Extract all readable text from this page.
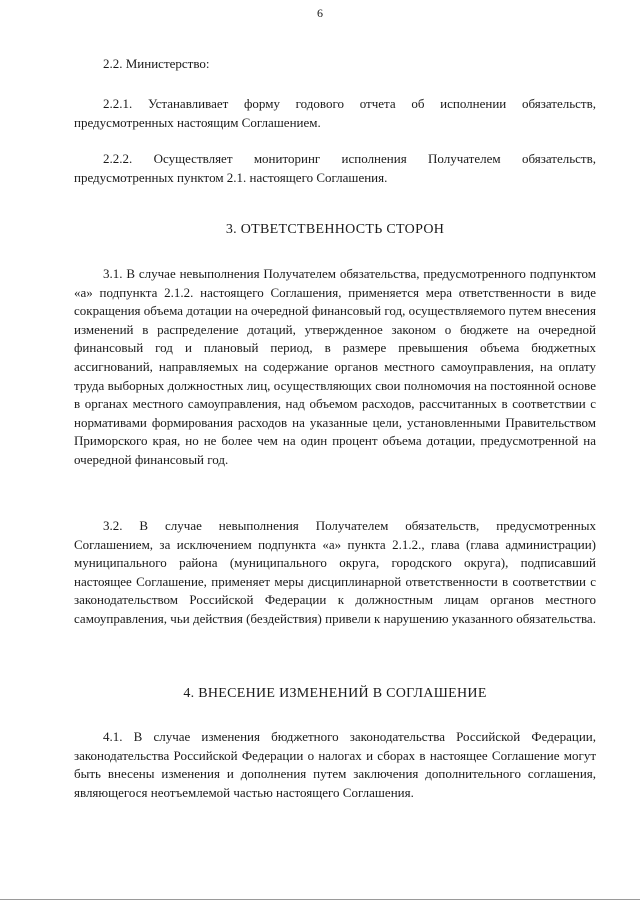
6
2.2. Министерство:
2.2.1. Устанавливает форму годового отчета об исполнении обязательств, предусмотренных настоящим Соглашением.
2.2.2. Осуществляет мониторинг исполнения Получателем обязательств, предусмотренных пунктом 2.1. настоящего Соглашения.
3. ОТВЕТСТВЕННОСТЬ СТОРОН
3.1. В случае невыполнения Получателем обязательства, предусмотренного подпунктом «а» подпункта 2.1.2. настоящего Соглашения, применяется мера ответственности в виде сокращения объема дотации на очередной финансовый год, осуществляемого путем внесения изменений в распределение дотаций, утвержденное законом о бюджете на очередной финансовый год и плановый период, в размере превышения объема бюджетных ассигнований, направляемых на содержание органов местного самоуправления, на оплату труда выборных должностных лиц, осуществляющих свои полномочия на постоянной основе в органах местного самоуправления, над объемом расходов, рассчитанных в соответствии с нормативами формирования расходов на указанные цели, установленными Правительством Приморского края, но не более чем на один процент объема дотации, предусмотренной на очередной финансовый год.
3.2. В случае невыполнения Получателем обязательств, предусмотренных Соглашением, за исключением подпункта «а» пункта 2.1.2., глава (глава администрации) муниципального района (муниципального округа, городского округа), подписавший настоящее Соглашение, применяет меры дисциплинарной ответственности в соответствии с законодательством Российской Федерации к должностным лицам органов местного самоуправления, чьи действия (бездействия) привели к нарушению указанного обязательства.
4. ВНЕСЕНИЕ ИЗМЕНЕНИЙ В СОГЛАШЕНИЕ
4.1. В случае изменения бюджетного законодательства Российской Федерации, законодательства Российской Федерации о налогах и сборах в настоящее Соглашение могут быть внесены изменения и дополнения путем заключения дополнительного соглашения, являющегося неотъемлемой частью настоящего Соглашения.
